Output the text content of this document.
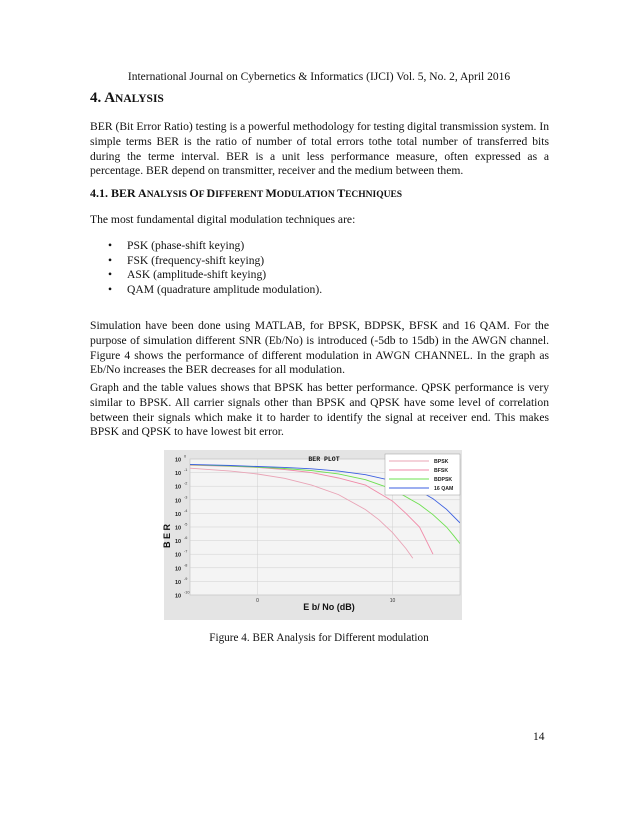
International Journal on Cybernetics & Informatics (IJCI) Vol. 5, No. 2, April 2016
4. ANALYSIS
BER (Bit Error Ratio) testing is a powerful methodology for testing digital transmission system. In simple terms BER is the ratio of number of total errors tothe total number of transferred bits during the terme interval. BER is a unit less performance measure, often expressed as a percentage. BER depend on transmitter, receiver and the medium between them.
4.1. BER ANALYSIS OF DIFFERENT MODULATION TECHNIQUES
The most fundamental digital modulation techniques are:
• PSK (phase-shift keying)
• FSK (frequency-shift keying)
• ASK (amplitude-shift keying)
• QAM (quadrature amplitude modulation).
Simulation have been done using MATLAB, for BPSK, BDPSK, BFSK and 16 QAM. For the purpose of simulation different SNR (Eb/No) is introduced (-5db to 15db) in the AWGN channel. Figure 4 shows the performance of different modulation in AWGN CHANNEL. In the graph as Eb/No increases the BER decreases for all modulation.
Graph and the table values shows that BPSK has better performance. QPSK performance is very similar to BPSK. All carrier signals other than BPSK and QPSK have some level of correlation between their signals which make it to harder to identify the signal at receiver end. This makes BPSK and QPSK to have lowest bit error.
10
0
10
-1
10
-2
10
-3
10
-4
10
-5
10
-6
10
-7
10
-8
10
-9
10
-10
0	10
BER PLOT
B E R
E b/ No (dB)
BPSK
BFSK
BDPSK
16 QAM
Figure 4. BER Analysis for Different modulation
14
